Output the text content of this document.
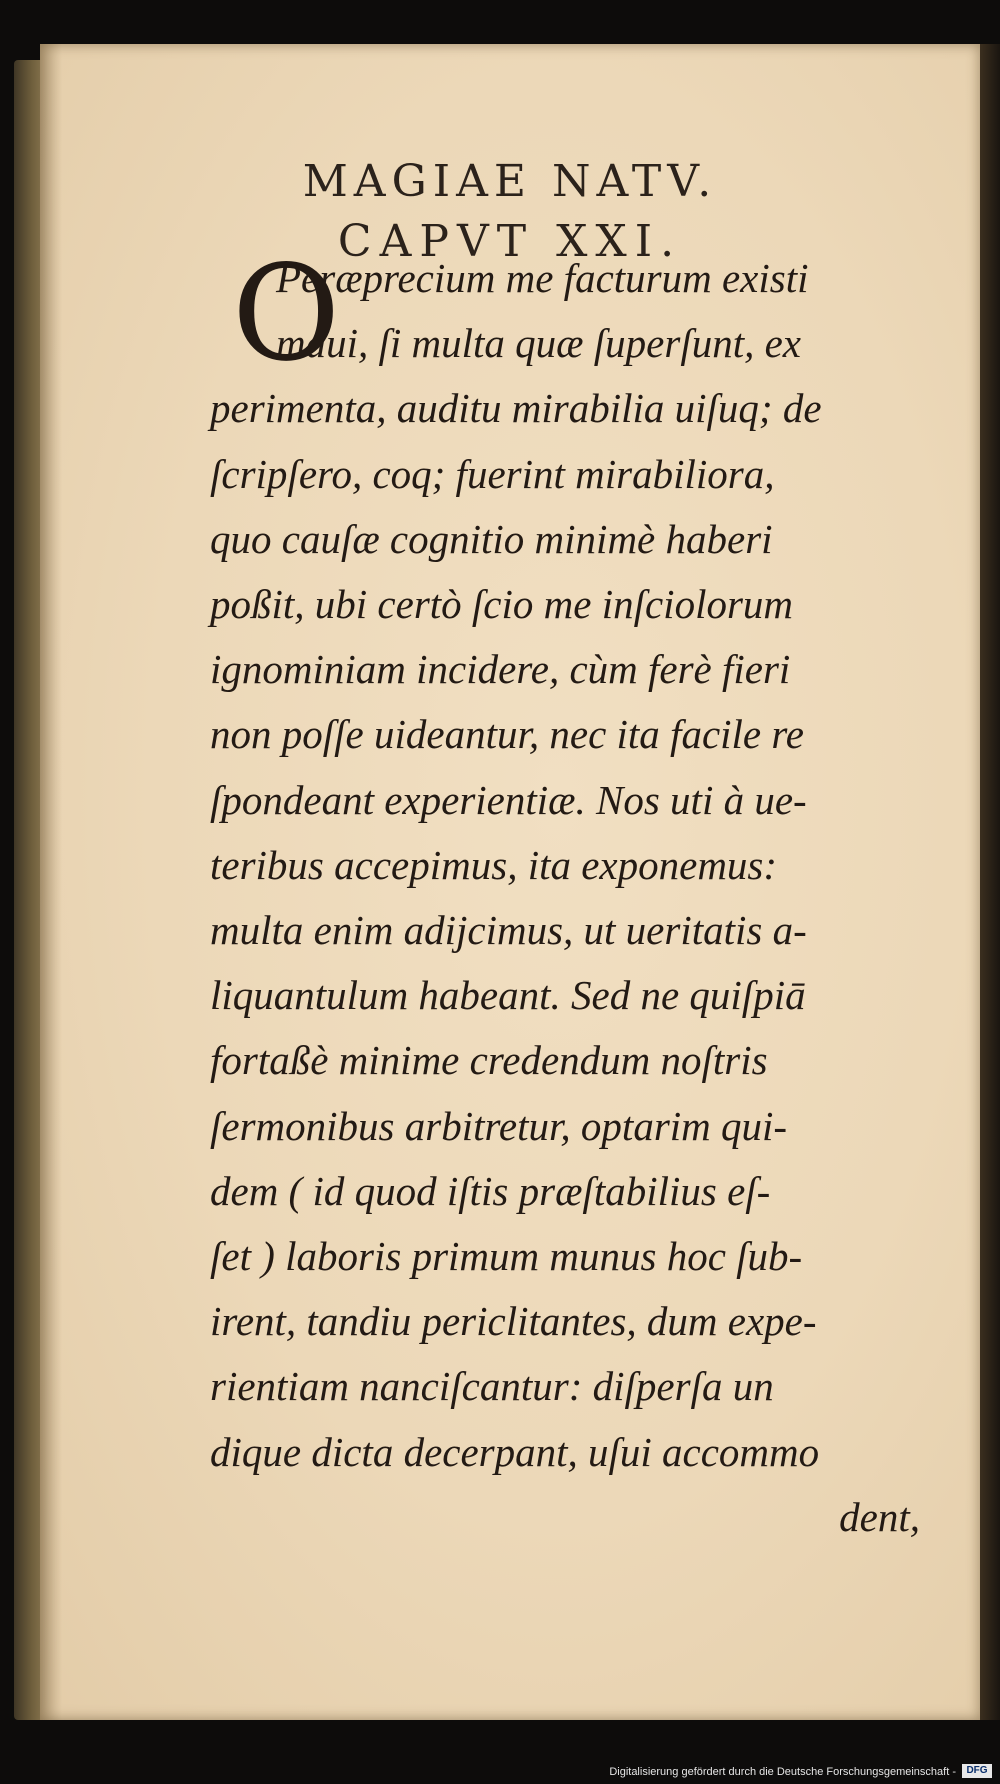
MAGIAE NATV.
CAPVT XXI.
O
Peræprecium me facturum existi
maui, ſi multa quæ ſuperſunt, ex
perimenta, auditu mirabilia uiſuq; de
ſcripſero, coq; fuerint mirabiliora,
quo cauſæ cognitio minimè haberi
poßit, ubi certò ſcio me inſciolorum
ignominiam incidere, cùm ferè fieri
non poſſe uideantur, nec ita facile re
ſpondeant experientiæ. Nos uti à ue-
teribus accepimus, ita exponemus:
multa enim adijcimus, ut ueritatis a-
liquantulum habeant. Sed ne quiſpiā
fortaßè minime credendum noſtris
ſermonibus arbitretur, optarim qui-
dem ( id quod iſtis præſtabilius eſ-
ſet ) laboris primum munus hoc ſub-
irent, tandiu periclitantes, dum expe-
rientiam nanciſcantur: diſperſa un
dique dicta decerpant, uſui accommo
dent,
Digitalisierung gefördert durch die Deutsche Forschungsgemeinschaft -	DFG
